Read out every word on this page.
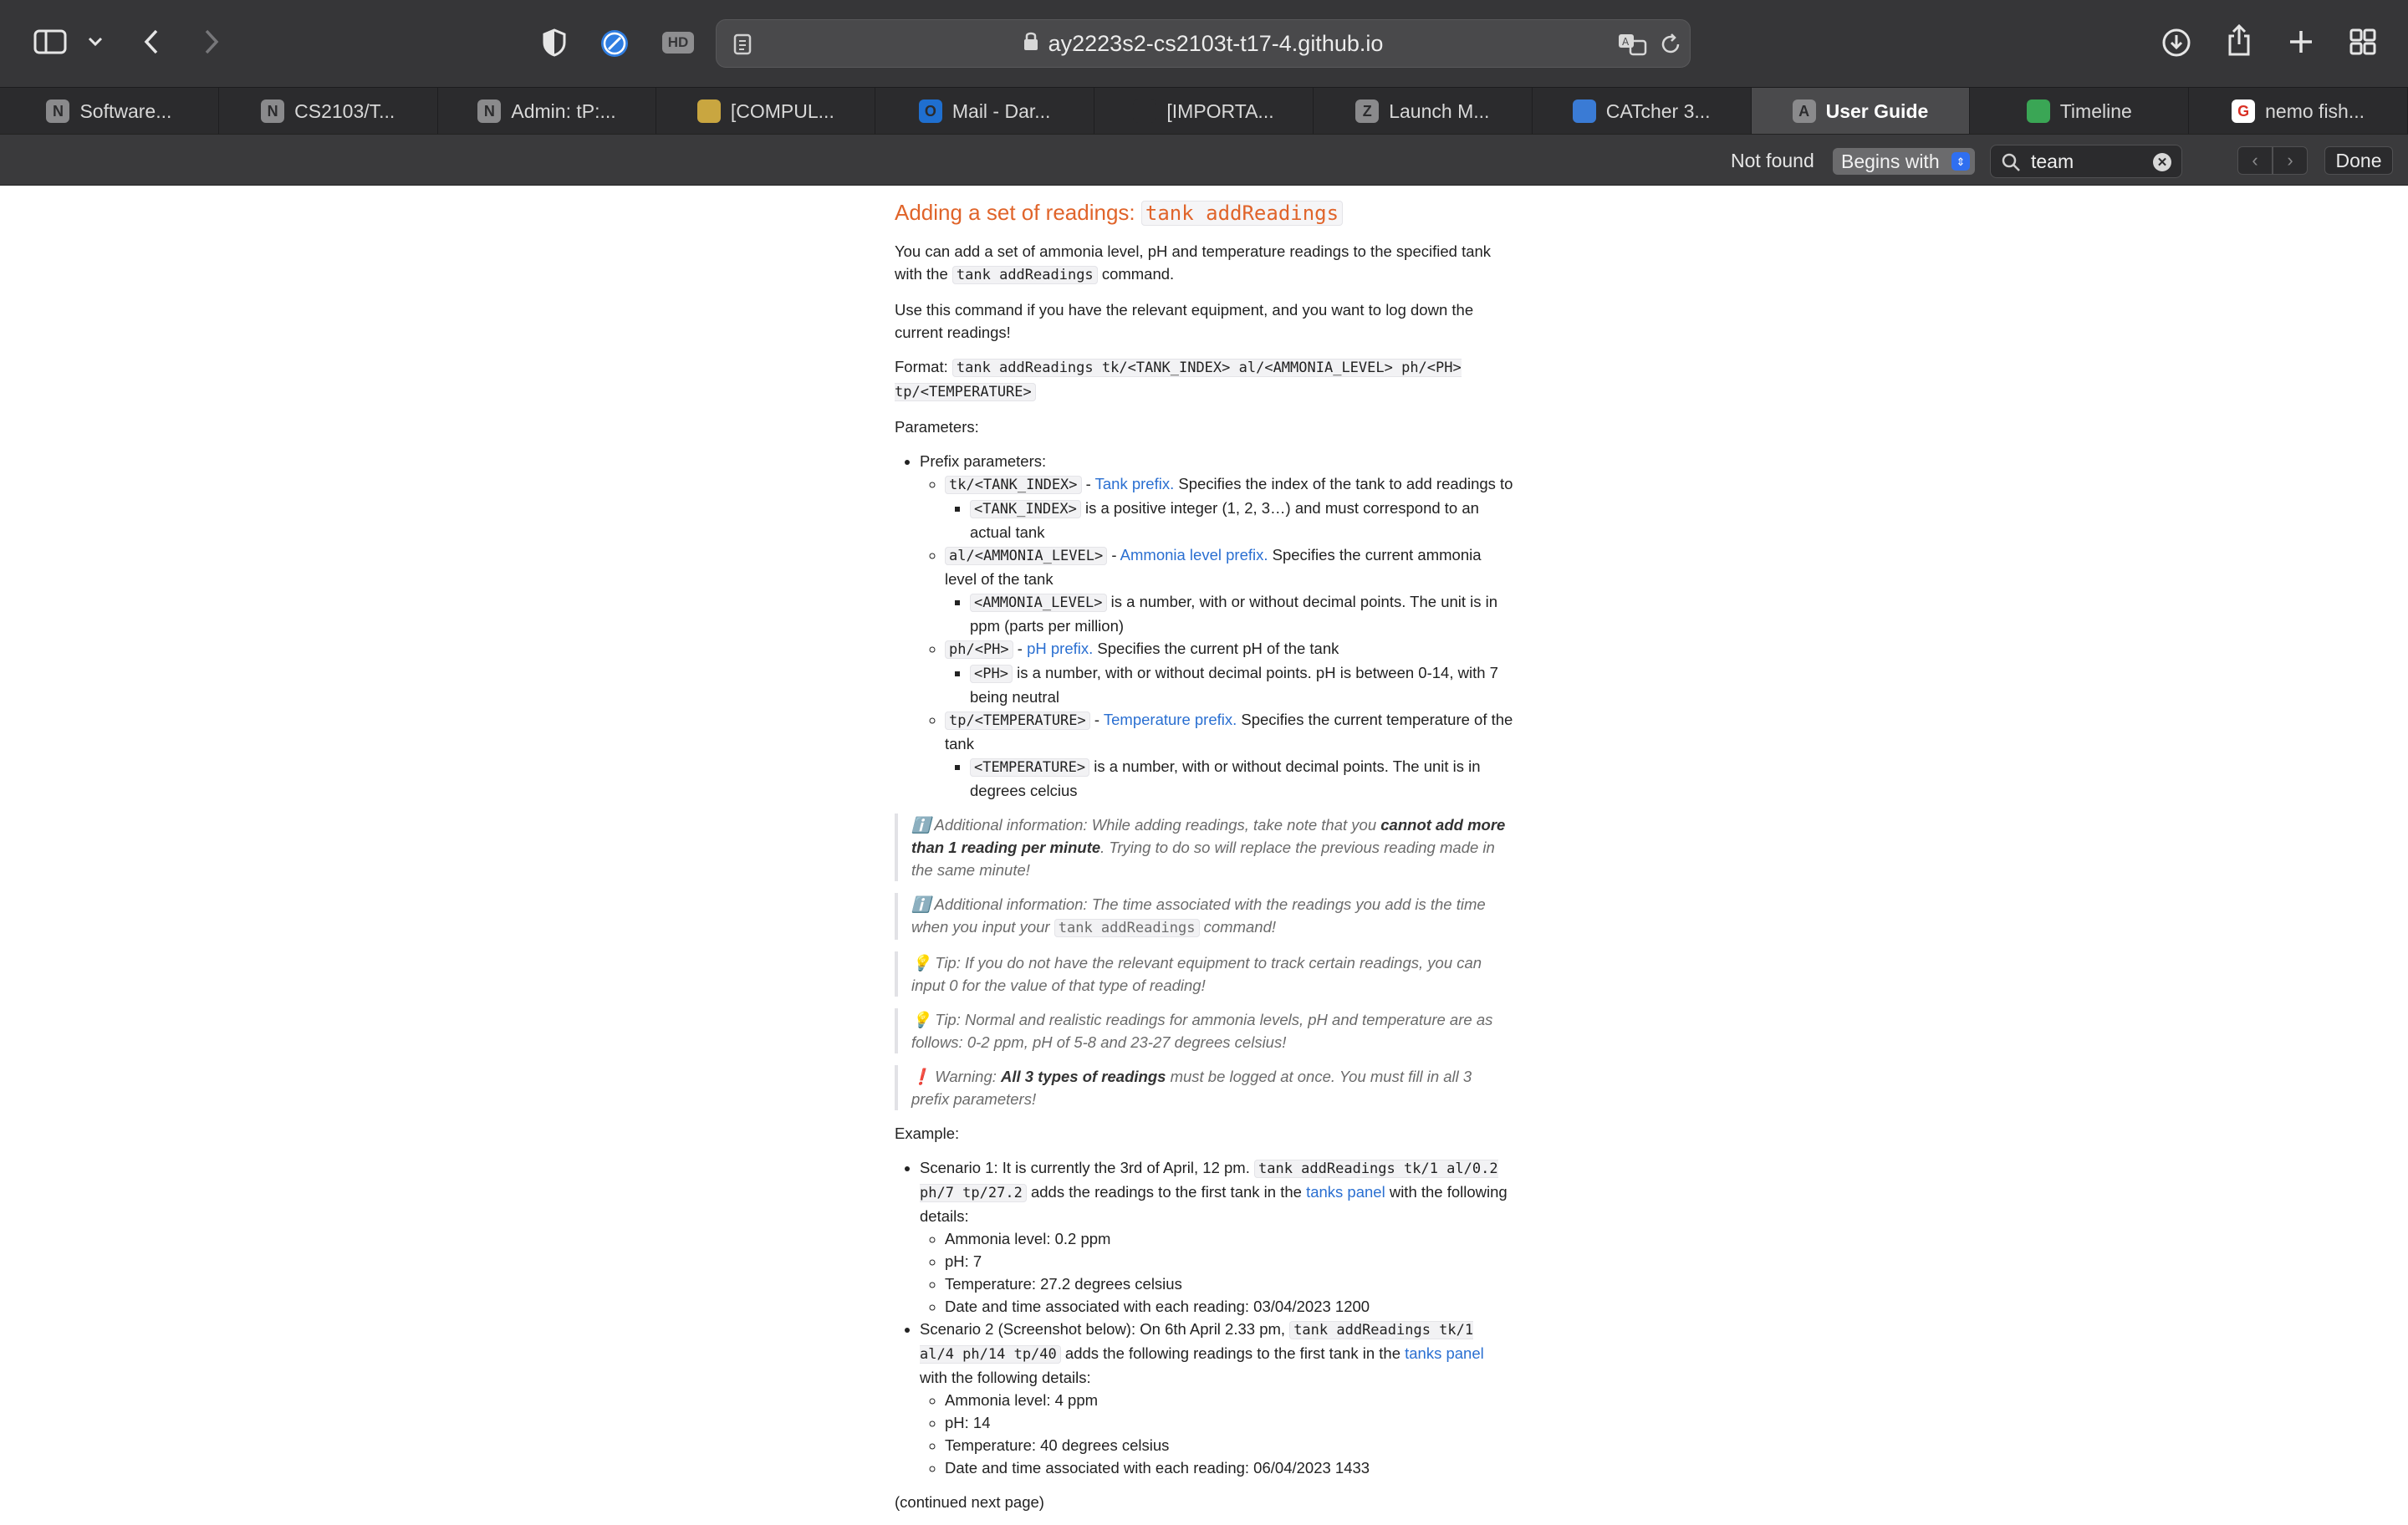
HD	ay2223s2-cs2103t-t17-4.github.io	A
N Software...	N CS2103/T...	N Admin: tP:...	[COMPUL...	O Mail - Dar...	[IMPORTA...	Z Launch M...	CATcher 3...	A User Guide	Timeline	G nemo fish...
Not found Begins with	⇕	team	✕	‹	›	Done
Adding a set of readings: tank addReadings

You can add a set of ammonia level, pH and temperature readings to the specified tank with the tank addReadings command.

Use this command if you have the relevant equipment, and you want to log down the current readings!

Format: tank addReadings tk/<TANK_INDEX> al/<AMMONIA_LEVEL> ph/<PH> tp/<TEMPERATURE>

Parameters:

• Prefix parameters:
◦ tk/<TANK_INDEX> - Tank prefix. Specifies the index of the tank to add readings to
▪ <TANK_INDEX> is a positive integer (1, 2, 3…) and must correspond to an actual tank
◦ al/<AMMONIA_LEVEL> - Ammonia level prefix. Specifies the current ammonia level of the tank
▪ <AMMONIA_LEVEL> is a number, with or without decimal points. The unit is in ppm (parts per million)
◦ ph/<PH> - pH prefix. Specifies the current pH of the tank
▪ <PH> is a number, with or without decimal points. pH is between 0-14, with 7 being neutral
◦ tp/<TEMPERATURE> - Temperature prefix. Specifies the current temperature of the tank
▪ <TEMPERATURE> is a number, with or without decimal points. The unit is in degrees celcius
ℹ️ Additional information: While adding readings, take note that you cannot add more than 1 reading per minute. Trying to do so will replace the previous reading made in the same minute!
ℹ️ Additional information: The time associated with the readings you add is the time when you input your tank addReadings command!
💡 Tip: If you do not have the relevant equipment to track certain readings, you can input 0 for the value of that type of reading!
💡 Tip: Normal and realistic readings for ammonia levels, pH and temperature are as follows: 0-2 ppm, pH of 5-8 and 23-27 degrees celsius!
❗ Warning: All 3 types of readings must be logged at once. You must fill in all 3 prefix parameters!

Example:

• Scenario 1: It is currently the 3rd of April, 12 pm. tank addReadings tk/1 al/0.2 ph/7 tp/27.2 adds the readings to the first tank in the tanks panel with the following details:
◦ Ammonia level: 0.2 ppm
◦ pH: 7
◦ Temperature: 27.2 degrees celsius
◦ Date and time associated with each reading: 03/04/2023 1200
• Scenario 2 (Screenshot below): On 6th April 2.33 pm, tank addReadings tk/1 al/4 ph/14 tp/40 adds the following readings to the first tank in the tanks panel with the following details:
◦ Ammonia level: 4 ppm
◦ pH: 14
◦ Temperature: 40 degrees celsius
◦ Date and time associated with each reading: 06/04/2023 1433

(continued next page)
